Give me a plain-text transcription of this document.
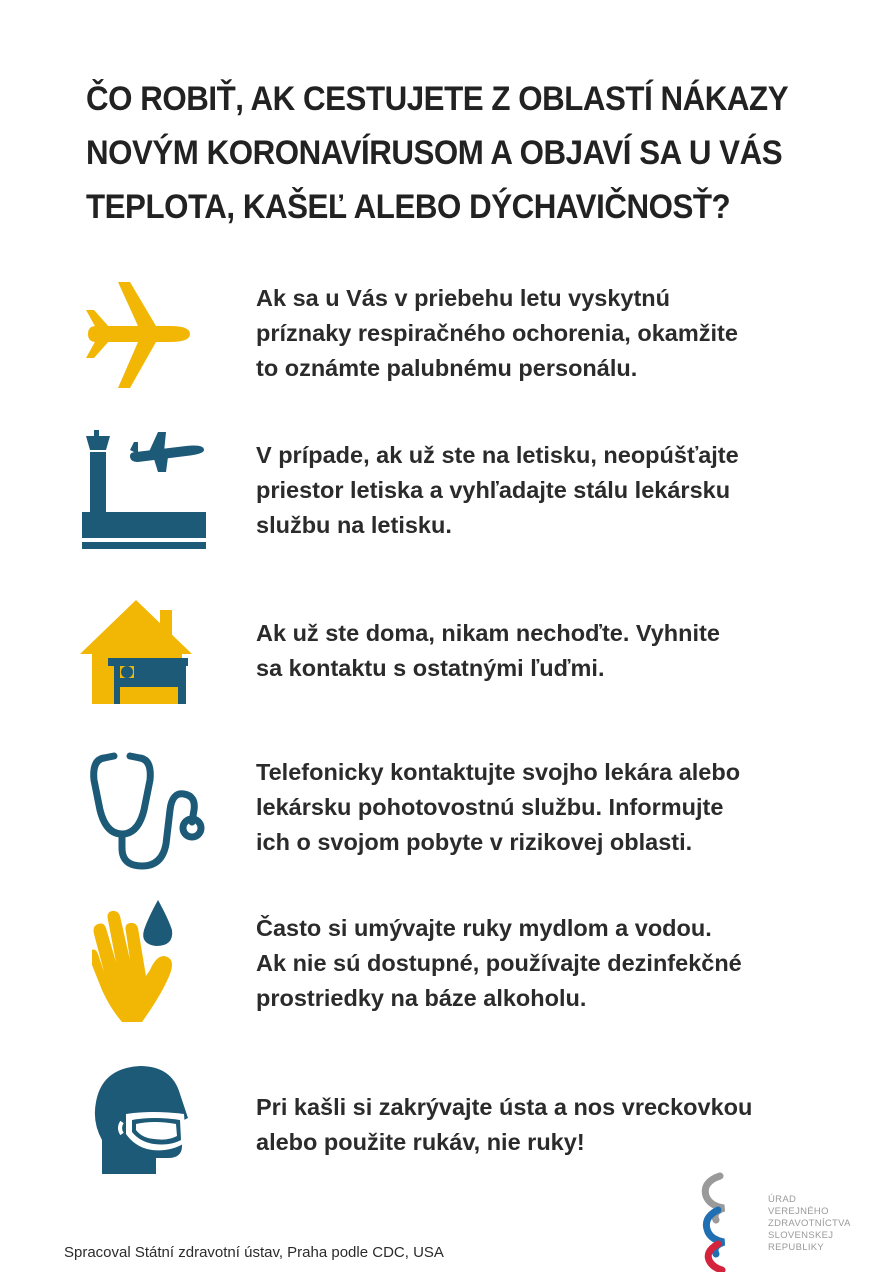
ČO ROBIŤ, AK CESTUJETE Z OBLASTÍ NÁKAZY
NOVÝM KORONAVÍRUSOM A OBJAVÍ SA U VÁS
TEPLOTA, KAŠEĽ ALEBO DÝCHAVIČNOSŤ?

Ak sa u Vás v priebehu letu vyskytnú
príznaky respiračného ochorenia, okamžite
to oznámte palubnému personálu.

V prípade, ak už ste na letisku, neopúšťajte
priestor letiska a vyhľadajte stálu lekársku
službu na letisku.

Ak už ste doma, nikam nechoďte. Vyhnite
sa kontaktu s ostatnými ľuďmi.

Telefonicky kontaktujte svojho lekára alebo
lekársku pohotovostnú službu. Informujte
ich o svojom pobyte v rizikovej oblasti.

Často si umývajte ruky mydlom a vodou.
Ak nie sú dostupné, používajte dezinfekčné
prostriedky na báze alkoholu.

Pri kašli si zakrývajte ústa a nos vreckovkou
alebo použite rukáv, nie ruky!

Spracoval Státní zdravotní ústav, Praha podle CDC, USA
ÚRAD
VEREJNÉHO
ZDRAVOTNÍCTVA
SLOVENSKEJ
REPUBLIKY
